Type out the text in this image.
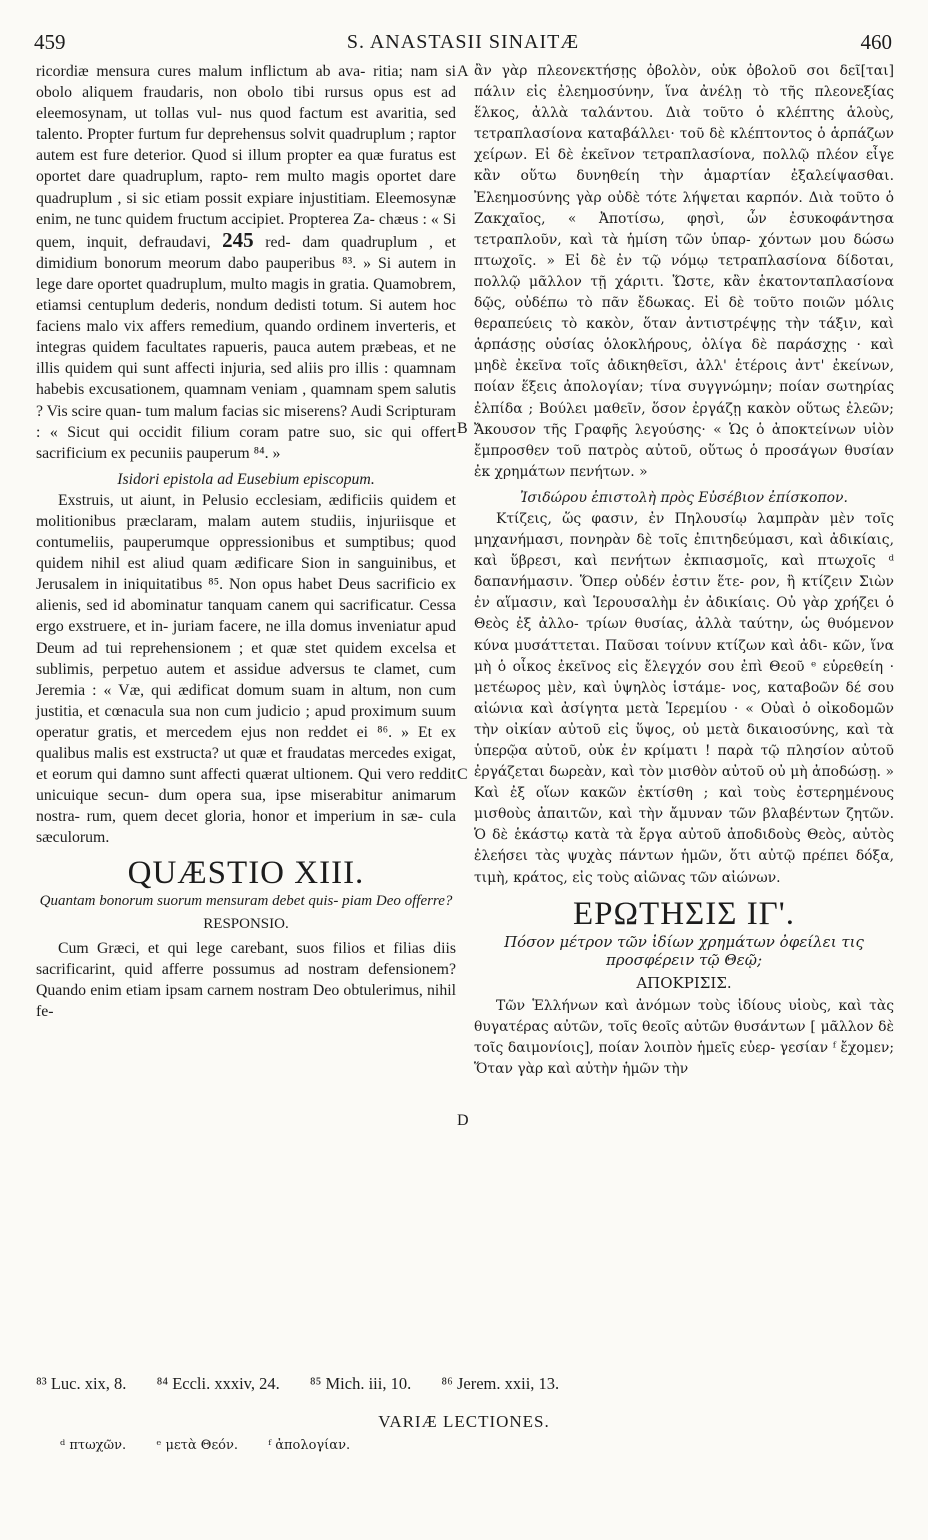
459	S. ANASTASII SINAITÆ	460

ricordiæ mensura cures malum inflictum ab ava- ritia; nam si obolo aliquem fraudaris, non obolo tibi rursus opus est ad eleemosynam, ut tollas vul- nus quod factum est avaritia, sed talento. Propter furtum fur deprehensus solvit quadruplum ; raptor autem est fure deterior. Quod si illum propter ea quæ furatus est oportet dare quadruplum, rapto- rem multo magis oportet dare quadruplum , si sic etiam possit expiare injustitiam. Eleemosynæ enim, ne tunc quidem fructum accipiet. Propterea Za- chæus : « Si quem, inquit, defraudavi, 245 red- dam quadruplum , et dimidium bonorum meorum dabo pauperibus ⁸³. » Si autem in lege dare oportet quadruplum, multo magis in gratia. Quamobrem, etiamsi centuplum dederis, nondum dedisti totum. Si autem hoc faciens malo vix affers remedium, quando ordinem inverteris, et integras quidem facultates rapueris, pauca autem præbeas, et ne illis quidem qui sunt affecti injuria, sed aliis pro illis : quamnam habebis excusationem, quamnam veniam , quamnam spem salutis ? Vis scire quan- tum malum facias sic miserens? Audi Scripturam : « Sicut qui occidit filium coram patre suo, sic qui offert sacrificium ex pecuniis pauperum ⁸⁴. »

Isidori epistola ad Eusebium episcopum.

Exstruis, ut aiunt, in Pelusio ecclesiam, ædificiis quidem et molitionibus præclaram, malam autem studiis, injuriisque et contumeliis, pauperumque oppressionibus et sumptibus; quod quidem nihil est aliud quam ædificare Sion in sanguinibus, et Jerusalem in iniquitatibus ⁸⁵. Non opus habet Deus sacrificio ex alienis, sed id abominatur tanquam canem qui sacrificatur. Cessa ergo exstruere, et in- juriam facere, ne illa domus inveniatur apud Deum ad tui reprehensionem ; et quæ stet quidem excelsa et sublimis, perpetuo autem et assidue adversus te clamet, cum Jeremia : « Væ, qui ædificat domum suam in altum, non cum justitia, et cœnacula sua non cum judicio ; apud proximum suum operatur gratis, et mercedem ejus non reddet ei ⁸⁶. » Et ex qualibus malis est exstructa? ut quæ et fraudatas mercedes exigat, et eorum qui damno sunt affecti quærat ultionem. Qui vero reddit unicuique secun- dum opera sua, ipse miserabitur animarum nostra- rum, quem decet gloria, honor et imperium in sæ- cula sæculorum.

QUÆSTIO XIII.

Quantam bonorum suorum mensuram debet quis- piam Deo offerre?

RESPONSIO.

Cum Græci, et qui lege carebant, suos filios et filias diis sacrificarint, quid afferre possumus ad nostram defensionem? Quando enim etiam ipsam carnem nostram Deo obtulerimus, nihil fe-

A
B
C
D

ἂν γὰρ πλεονεκτήσῃς ὀβολὸν, οὐκ ὀβολοῦ σοι δεῖ[ται] πάλιν εἰς ἐλεημοσύνην, ἵνα ἀνέλῃ τὸ τῆς πλεονεξίας ἕλκος, ἀλλὰ ταλάντου. Διὰ τοῦτο ὁ κλέπτης ἁλοὺς, τετραπλασίονα καταβάλλει· τοῦ δὲ κλέπτοντος ὁ ἁρπάζων χείρων. Εἰ δὲ ἐκεῖνον τετραπλασίονα, πολλῷ πλέον εἶγε κἂν οὕτω δυνηθείη τὴν ἁμαρτίαν ἐξαλείψασθαι. Ἐλεημοσύνης γὰρ οὐδὲ τότε λήψεται καρπόν. Διὰ τοῦτο ὁ Ζακχαῖος, « Ἀποτίσω, φησὶ, ὧν ἐσυκοφάντησα τετραπλοῦν, καὶ τὰ ἡμίση τῶν ὑπαρ- χόντων μου δώσω πτωχοῖς. » Εἰ δὲ ἐν τῷ νόμῳ τετραπλασίονα δίδοται, πολλῷ μᾶλλον τῇ χάριτι. Ὥστε, κἂν ἑκατονταπλασίονα δῷς, οὐδέπω τὸ πᾶν ἔδωκας. Εἰ δὲ τοῦτο ποιῶν μόλις θεραπεύεις τὸ κακὸν, ὅταν ἀντιστρέψῃς τὴν τάξιν, καὶ ἁρπάσῃς οὐσίας ὁλοκλήρους, ὀλίγα δὲ παράσχῃς · καὶ μηδὲ ἐκεῖνα τοῖς ἀδικηθεῖσι, ἀλλ' ἑτέροις ἀντ' ἐκείνων, ποίαν ἕξεις ἀπολογίαν; τίνα συγγνώμην; ποίαν σωτηρίας ἐλπίδα ; Βούλει μαθεῖν, ὅσον ἐργάζῃ κακὸν οὕτως ἐλεῶν; Ἄκουσον τῆς Γραφῆς λεγούσης· « Ὡς ὁ ἀποκτείνων υἱὸν ἔμπροσθεν τοῦ πατρὸς αὐτοῦ, οὕτως ὁ προσάγων θυσίαν ἐκ χρημάτων πενήτων. »

Ἰσιδώρου ἐπιστολὴ πρὸς Εὐσέβιον ἐπίσκοπον.

Κτίζεις, ὥς φασιν, ἐν Πηλουσίῳ λαμπρὰν μὲν τοῖς μηχανήμασι, πονηρὰν δὲ τοῖς ἐπιτηδεύμασι, καὶ ἀδικίαις, καὶ ὕβρεσι, καὶ πενήτων ἐκπιασμοῖς, καὶ πτωχοῖς ᵈ δαπανήμασιν. Ὅπερ οὐδέν ἐστιν ἕτε- ρον, ἢ κτίζειν Σιὼν ἐν αἵμασιν, καὶ Ἱερουσαλὴμ ἐν ἀδικίαις. Οὐ γὰρ χρήζει ὁ Θεὸς ἐξ ἀλλο- τρίων θυσίας, ἀλλὰ ταύτην, ὡς θυόμενον κύνα μυσάττεται. Παῦσαι τοίνυν κτίζων καὶ ἀδι- κῶν, ἵνα μὴ ὁ οἶκος ἐκεῖνος εἰς ἔλεγχόν σου ἐπὶ Θεοῦ ᵉ εὑρεθείη · μετέωρος μὲν, καὶ ὑψηλὸς ἱστάμε- νος, καταβοῶν δέ σου αἰώνια καὶ ἀσίγητα μετὰ Ἱερεμίου · « Οὐαὶ ὁ οἰκοδομῶν τὴν οἰκίαν αὐτοῦ εἰς ὕψος, οὐ μετὰ δικαιοσύνης, καὶ τὰ ὑπερῷα αὐτοῦ, οὐκ ἐν κρίματι ! παρὰ τῷ πλησίον αὐτοῦ ἐργάζεται δωρεὰν, καὶ τὸν μισθὸν αὐτοῦ οὐ μὴ ἀποδώσῃ. » Καὶ ἐξ οἵων κακῶν ἐκτίσθη ; καὶ τοὺς ἐστερημένους μισθοὺς ἀπαιτῶν, καὶ τὴν ἄμυναν τῶν βλαβέντων ζητῶν. Ὁ δὲ ἑκάστῳ κατὰ τὰ ἔργα αὐτοῦ ἀποδιδοὺς Θεὸς, αὐτὸς ἐλεήσει τὰς ψυχὰς πάντων ἡμῶν, ὅτι αὐτῷ πρέπει δόξα, τιμὴ, κράτος, εἰς τοὺς αἰῶνας τῶν αἰώνων.

ΕΡΩΤΗΣΙΣ ΙΓ'.

Πόσον μέτρον τῶν ἰδίων χρημάτων ὀφείλει τις προσφέρειν τῷ Θεῷ;

ΑΠΟΚΡΙΣΙΣ.

Τῶν Ἑλλήνων καὶ ἀνόμων τοὺς ἰδίους υἱοὺς, καὶ τὰς θυγατέρας αὐτῶν, τοῖς θεοῖς αὐτῶν θυσάντων [ μᾶλλον δὲ τοῖς δαιμονίοις], ποίαν λοιπὸν ἡμεῖς εὐερ- γεσίαν ᶠ ἔχομεν; Ὅταν γὰρ καὶ αὐτὴν ἡμῶν τὴν

⁸³ Luc. xix, 8. ⁸⁴ Eccli. xxxiv, 24. ⁸⁵ Mich. iii, 10. ⁸⁶ Jerem. xxii, 13.
VARIÆ LECTIONES.
ᵈ πτωχῶν. ᵉ μετὰ Θεόν. ᶠ ἀπολογίαν.
